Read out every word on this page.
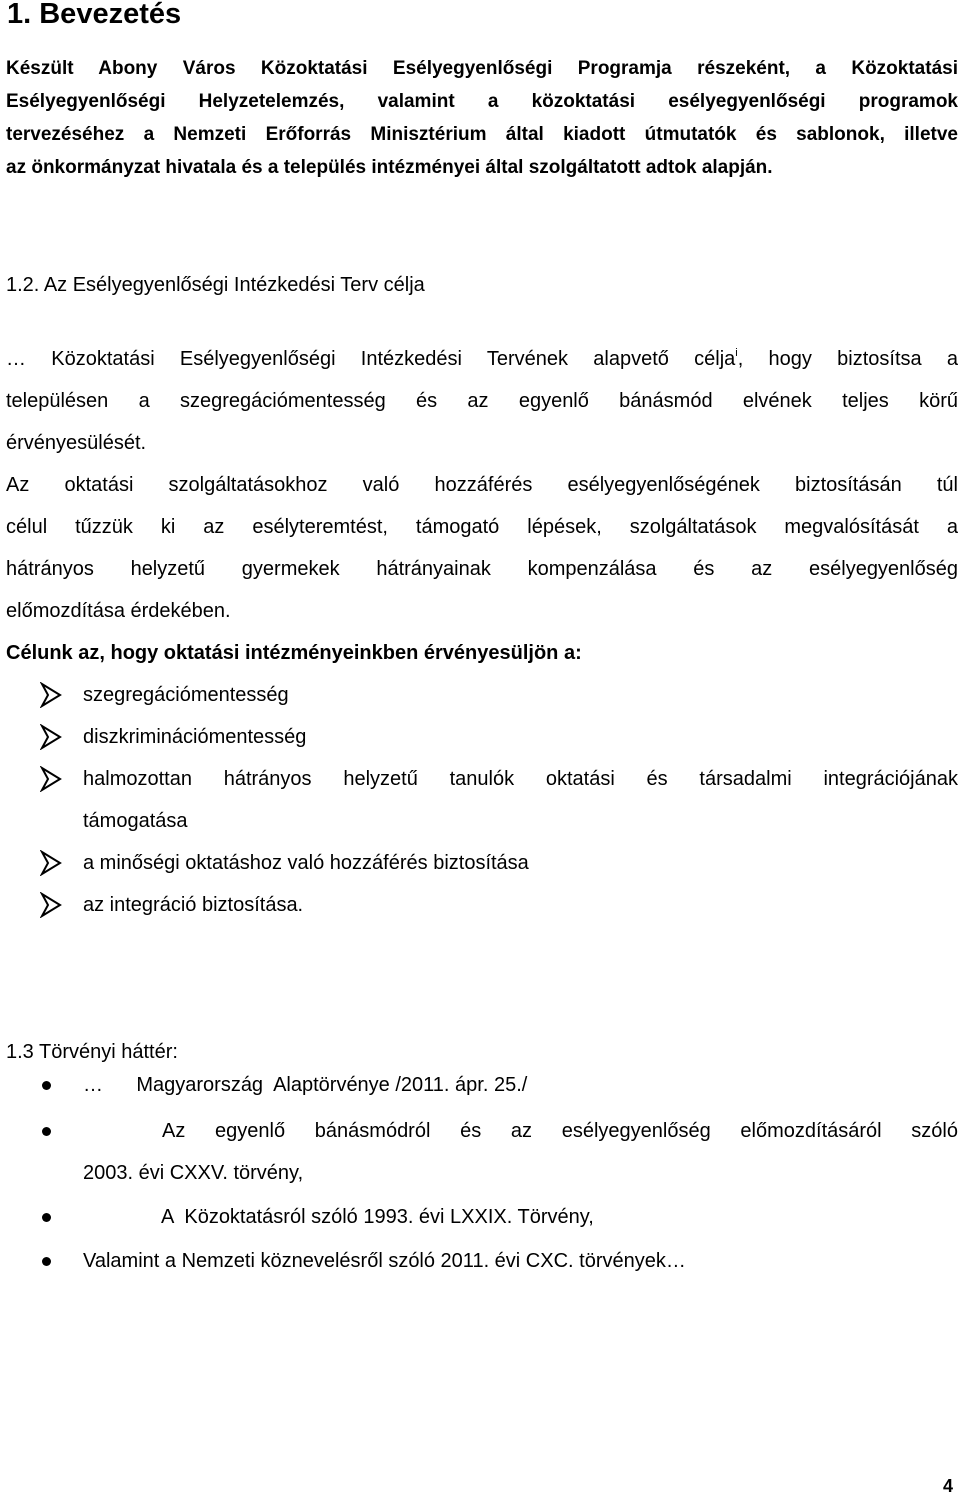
1. Bevezetés
Készült Abony Város Közoktatási Esélyegyenlőségi Programja részeként, a Közoktatási
Esélyegyenlőségi Helyzetelemzés, valamint a közoktatási esélyegyenlőségi programok
tervezéséhez a Nemzeti Erőforrás Minisztérium által kiadott útmutatók és sablonok, illetve
az önkormányzat hivatala és a település intézményei által szolgáltatott adtok alapján.
1.2. Az Esélyegyenlőségi Intézkedési Terv célja
… Közoktatási Esélyegyenlőségi Intézkedési Tervének alapvető célja$^i$, hogy biztosítsa a
településen a szegregációmentesség és az egyenlő bánásmód elvének teljes körű
érvényesülését.
Az oktatási szolgáltatásokhoz való hozzáférés esélyegyenlőségének biztosításán túl
célul tűzzük ki az esélyteremtést, támogató lépések, szolgáltatások megvalósítását a
hátrányos helyzetű gyermekek hátrányainak kompenzálása és az esélyegyenlőség
előmozdítása érdekében.
Célunk az, hogy oktatási intézményeinkben érvényesüljön a:
szegregációmentesség
diszkriminációmentesség
halmozottan hátrányos helyzetű tanulók oktatási és társadalmi integrációjának
támogatása
a minőségi oktatáshoz való hozzáférés biztosítása
az integráció biztosítása.
1.3 Törvényi háttér:
…      Magyarország  Alaptörvénye /2011. ápr. 25./
Az egyenlő bánásmódról és az esélyegyenlőség előmozdításáról szóló
2003. évi CXXV. törvény,
A  Közoktatásról szóló 1993. évi LXXIX. Törvény,
Valamint a Nemzeti köznevelésről szóló 2011. évi CXC. törvények…
4
